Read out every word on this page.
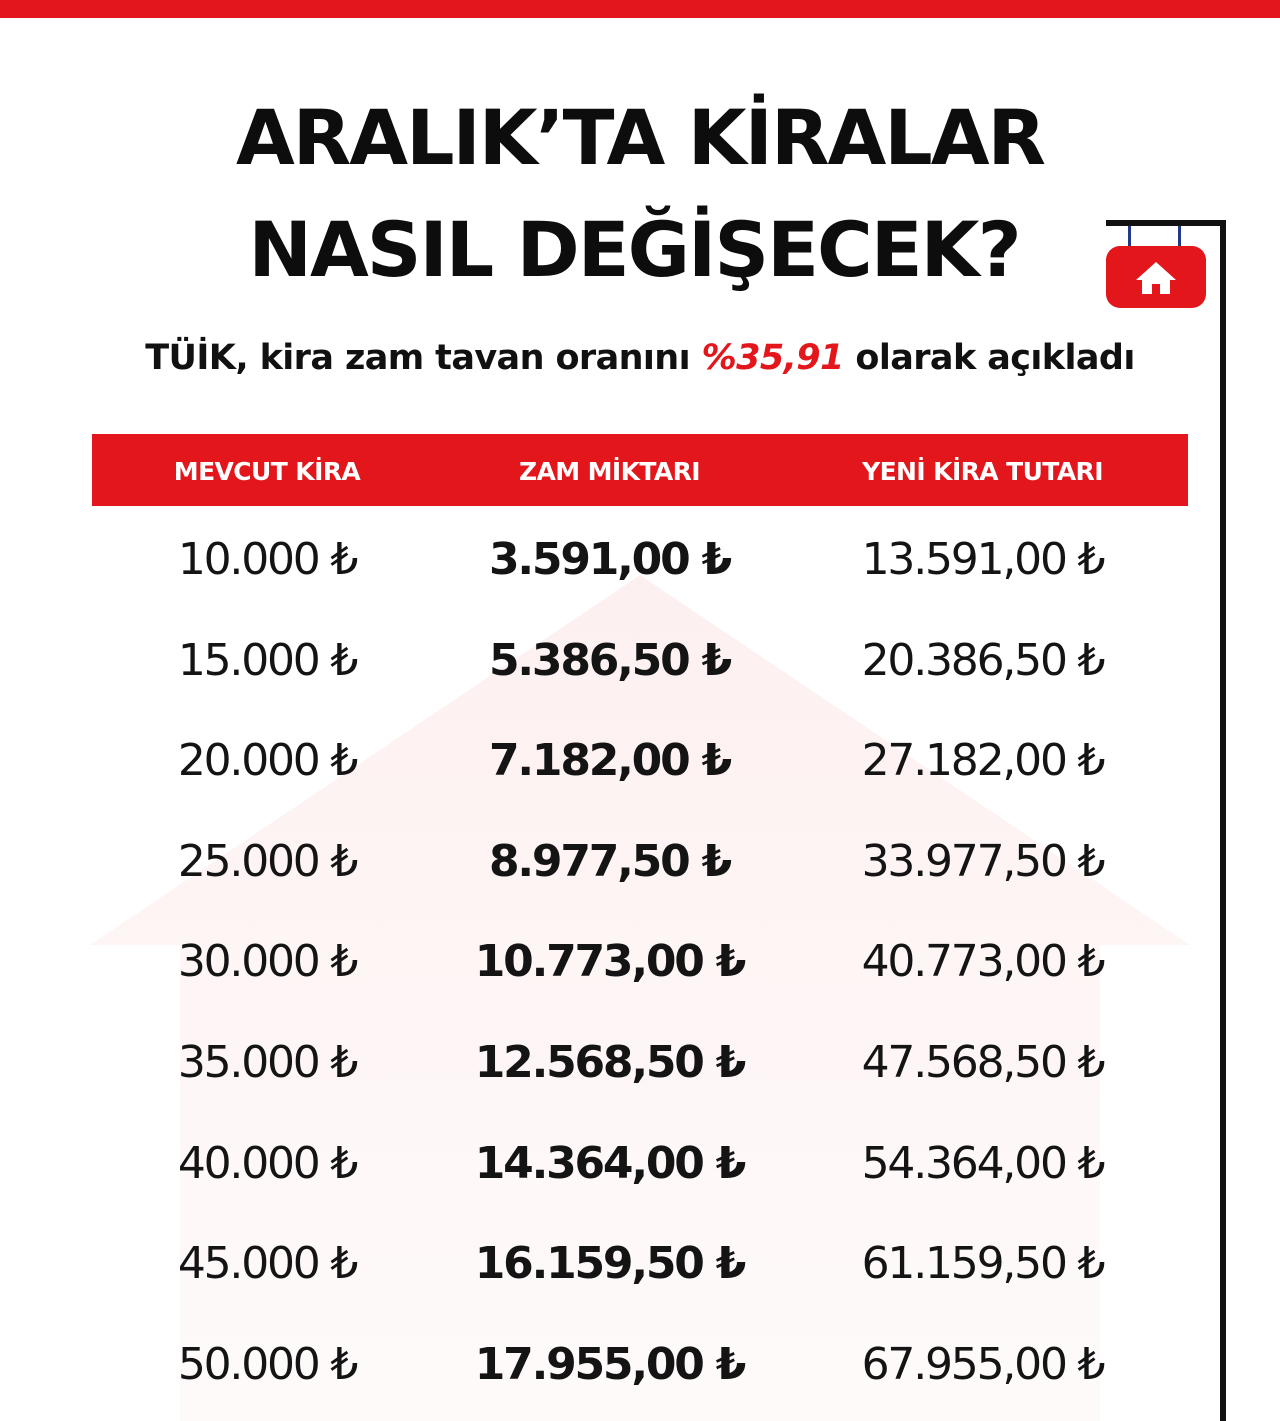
ARALIK’TA KİRALAR
NASIL DEĞİŞECEK?
TÜİK, kira zam tavan oranını %35,91 olarak açıkladı
MEVCUT KİRA	ZAM MİKTARI	YENİ KİRA TUTARI
10.000 ₺	3.591,00 ₺	13.591,00 ₺
15.000 ₺	5.386,50 ₺	20.386,50 ₺
20.000 ₺	7.182,00 ₺	27.182,00 ₺
25.000 ₺	8.977,50 ₺	33.977,50 ₺
30.000 ₺	10.773,00 ₺	40.773,00 ₺
35.000 ₺	12.568,50 ₺	47.568,50 ₺
40.000 ₺	14.364,00 ₺	54.364,00 ₺
45.000 ₺	16.159,50 ₺	61.159,50 ₺
50.000 ₺	17.955,00 ₺	67.955,00 ₺
